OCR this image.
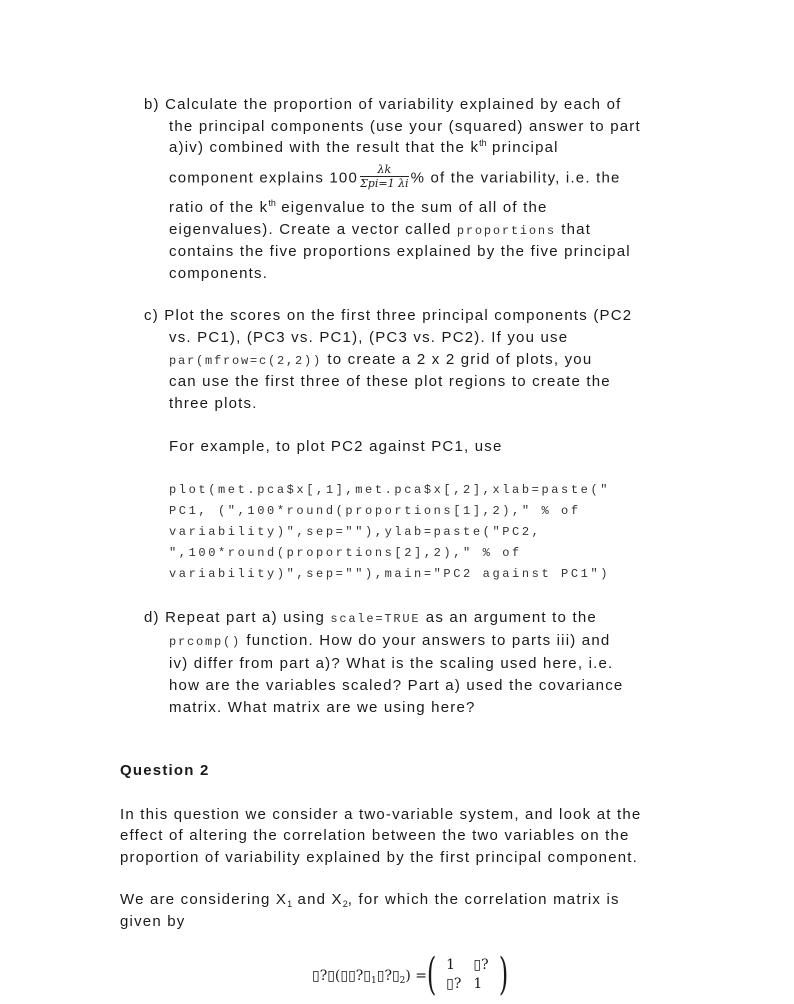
b) Calculate the proportion of variability explained by each of
the principal components (use your (squared) answer to part
a)iv) combined with the result that the $k^{th}$ principal
component explains $100 \frac{\lambda k}{\text{Σpi=1 λi}}$ % of the variability, i.e. the
ratio of the $k^{th}$ eigenvalue to the sum of all of the
eigenvalues). Create a vector called proportions that
contains the five proportions explained by the five principal
components.
c) Plot the scores on the first three principal components (PC2
vs. PC1), (PC3 vs. PC1), (PC3 vs. PC2). If you use
par(mfrow=c(2,2)) to create a 2 x 2 grid of plots, you
can use the first three of these plot regions to create the
three plots.
For example, to plot PC2 against PC1, use
plot(met.pca$x[,1],met.pca$x[,2],xlab=paste("
PC1, (",100*round(proportions[1],2)," % of
variability)",sep=""),ylab=paste("PC2,
",100*round(proportions[2],2)," % of
variability)",sep=""),main="PC2 against PC1")
d) Repeat part a) using scale=TRUE as an argument to the
prcomp() function. How do your answers to parts iii) and
iv) differ from part a)? What is the scaling used here, i.e.
how are the variables scaled? Part a) used the covariance
matrix. What matrix are we using here?
Question 2
In this question we consider a two-variable system, and look at the
effect of altering the correlation between the two variables on the
proportion of variability explained by the first principal component.
We are considering $X_1$ and $X_2$, for which the correlation matrix is
given by
$▯?▯(▯▯?▯_1▯?▯_2)$ = ( 1	▯?
▯?	1 )
